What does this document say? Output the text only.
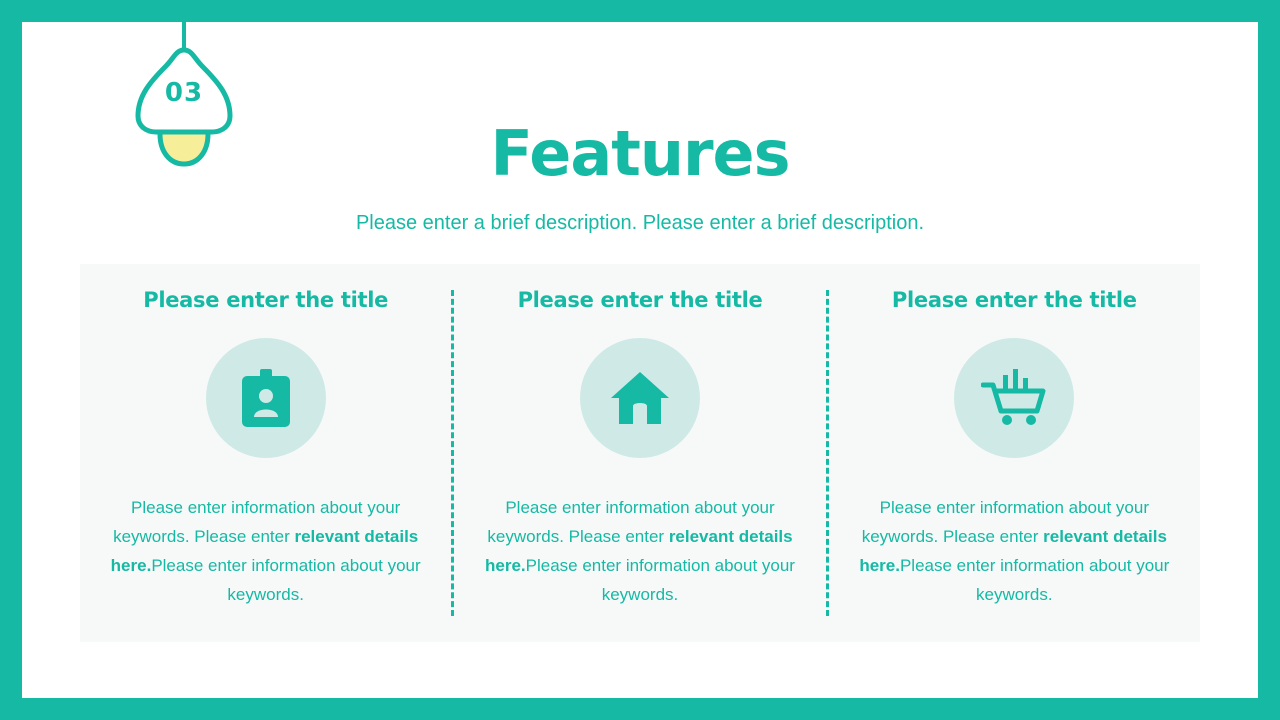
03
Features
Please enter a brief description. Please enter a brief description.
Please enter the title
Please enter information about your keywords. Please enter relevant details here.Please enter information about your keywords.
Please enter the title
Please enter information about your keywords. Please enter relevant details here.Please enter information about your keywords.
Please enter the title
Please enter information about your keywords. Please enter relevant details here.Please enter information about your keywords.
